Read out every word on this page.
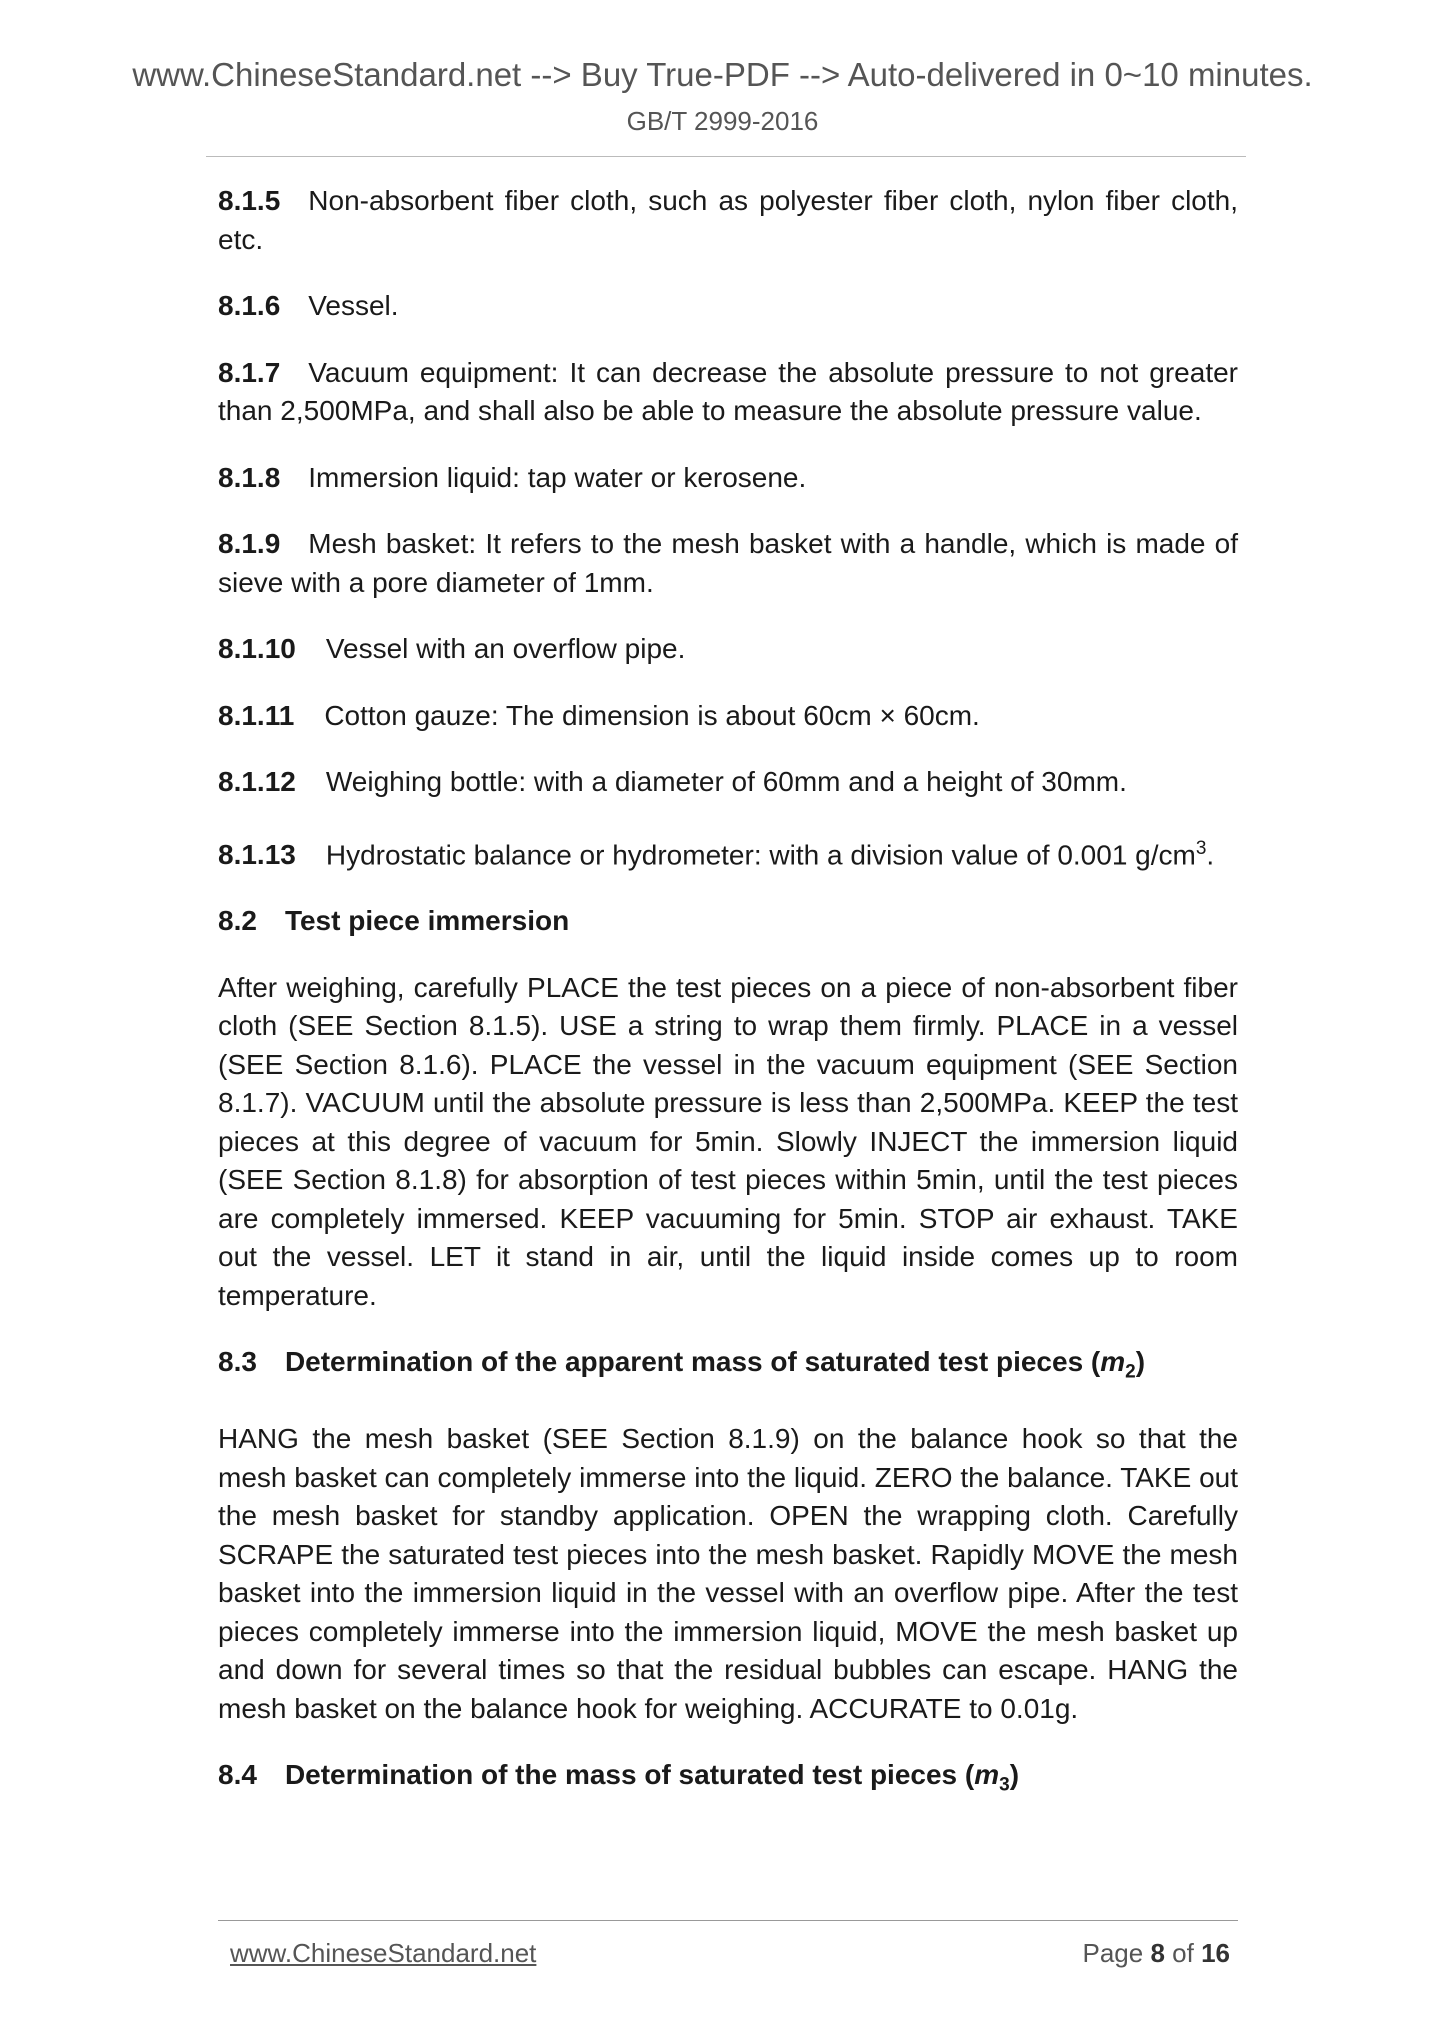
www.ChineseStandard.net --> Buy True-PDF --> Auto-delivered in 0~10 minutes.
GB/T 2999-2016

8.1.5 Non-absorbent fiber cloth, such as polyester fiber cloth, nylon fiber cloth, etc.

8.1.6 Vessel.

8.1.7 Vacuum equipment: It can decrease the absolute pressure to not greater than 2,500MPa, and shall also be able to measure the absolute pressure value.

8.1.8 Immersion liquid: tap water or kerosene.

8.1.9 Mesh basket: It refers to the mesh basket with a handle, which is made of sieve with a pore diameter of 1mm.

8.1.10 Vessel with an overflow pipe.

8.1.11 Cotton gauze: The dimension is about 60cm × 60cm.

8.1.12 Weighing bottle: with a diameter of 60mm and a height of 30mm.

8.1.13 Hydrostatic balance or hydrometer: with a division value of 0.001 $g/cm^3$.

8.2 Test piece immersion

After weighing, carefully PLACE the test pieces on a piece of non-absorbent fiber cloth (SEE Section 8.1.5). USE a string to wrap them firmly. PLACE in a vessel (SEE Section 8.1.6). PLACE the vessel in the vacuum equipment (SEE Section 8.1.7). VACUUM until the absolute pressure is less than 2,500MPa. KEEP the test pieces at this degree of vacuum for 5min. Slowly INJECT the immersion liquid (SEE Section 8.1.8) for absorption of test pieces within 5min, until the test pieces are completely immersed. KEEP vacuuming for 5min. STOP air exhaust. TAKE out the vessel. LET it stand in air, until the liquid inside comes up to room temperature.

8.3 Determination of the apparent mass of saturated test pieces $(m_2)$

HANG the mesh basket (SEE Section 8.1.9) on the balance hook so that the mesh basket can completely immerse into the liquid. ZERO the balance. TAKE out the mesh basket for standby application. OPEN the wrapping cloth. Carefully SCRAPE the saturated test pieces into the mesh basket. Rapidly MOVE the mesh basket into the immersion liquid in the vessel with an overflow pipe. After the test pieces completely immerse into the immersion liquid, MOVE the mesh basket up and down for several times so that the residual bubbles can escape. HANG the mesh basket on the balance hook for weighing. ACCURATE to 0.01g.

8.4 Determination of the mass of saturated test pieces $(m_3)$

www.ChineseStandard.net	Page 8 of 16
